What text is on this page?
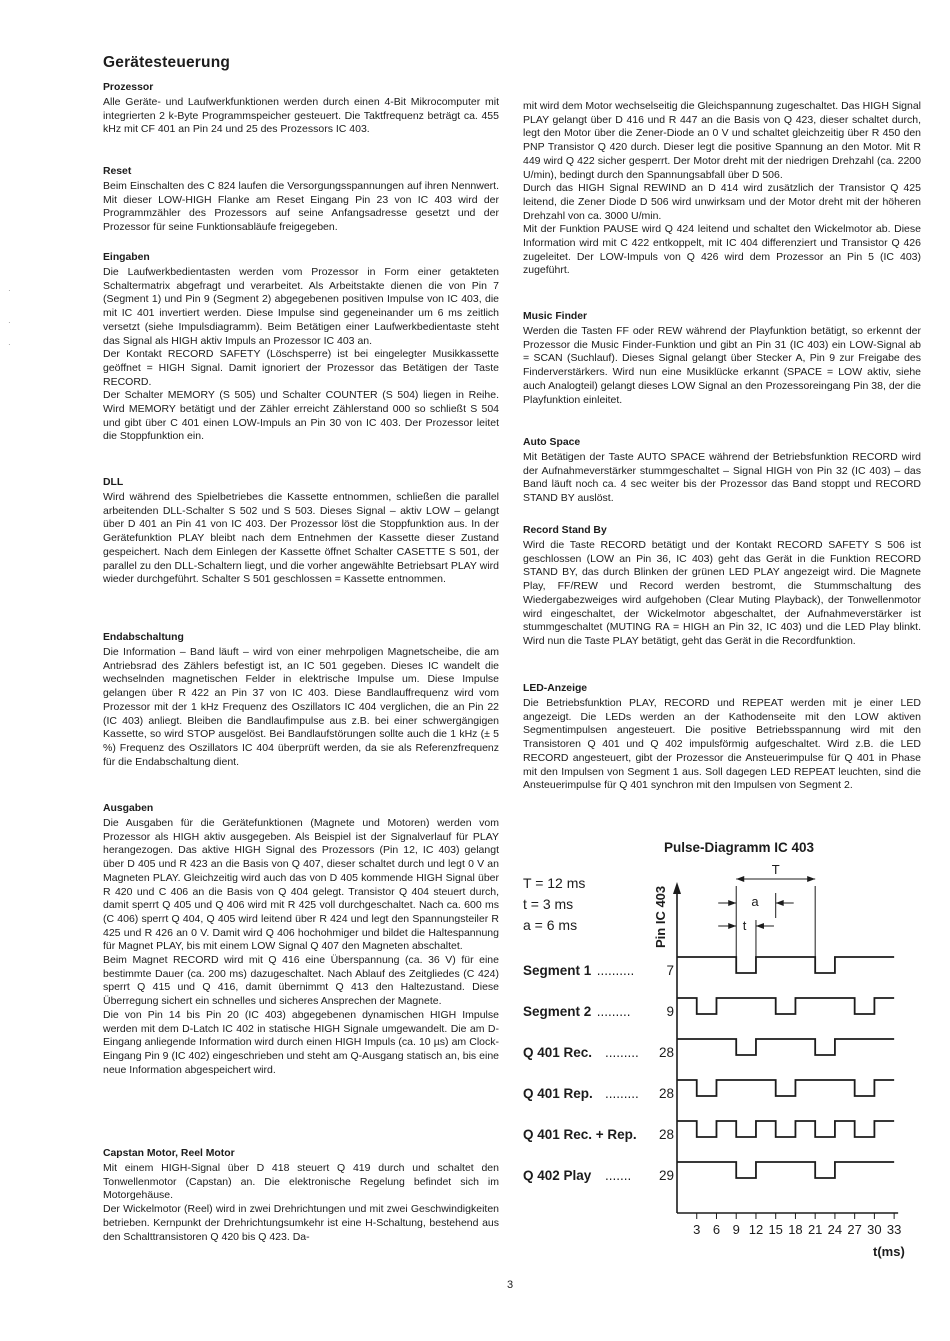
Gerätesteuerung
Prozessor

Alle Geräte- und Laufwerkfunktionen werden durch einen 4-Bit Mikrocomputer mit integrierten 2 k-Byte Programmspeicher gesteuert. Die Taktfrequenz beträgt ca. 455 kHz mit CF 401 an Pin 24 und 25 des Prozessors IC 403.

Reset

Beim Einschalten des C 824 laufen die Versorgungsspannungen auf ihren Nennwert. Mit dieser LOW-HIGH Flanke am Reset Eingang Pin 23 von IC 403 wird der Programmzähler des Prozessors auf seine Anfangsadresse gesetzt und der Prozessor für seine Funktionsabläufe freigegeben.

Eingaben

Die Laufwerkbedientasten werden vom Prozessor in Form einer getakteten Schaltermatrix abgefragt und verarbeitet. Als Arbeitstakte dienen die von Pin 7 (Segment 1) und Pin 9 (Segment 2) abgegebenen positiven Impulse von IC 403, die mit IC 401 invertiert werden. Diese Impulse sind gegeneinander um 6 ms zeitlich versetzt (siehe Impulsdiagramm). Beim Betätigen einer Laufwerkbedientaste steht das Signal als HIGH aktiv Impuls an Prozessor IC 403 an.
Der Kontakt RECORD SAFETY (Löschsperre) ist bei eingelegter Musikkassette geöffnet = HIGH Signal. Damit ignoriert der Prozessor das Betätigen der Taste RECORD.
Der Schalter MEMORY (S 505) und Schalter COUNTER (S 504) liegen in Reihe. Wird MEMORY betätigt und der Zähler erreicht Zählerstand 000 so schließt S 504 und gibt über C 401 einen LOW-Impuls an Pin 30 von IC 403. Der Prozessor leitet die Stoppfunktion ein.

DLL

Wird während des Spielbetriebes die Kassette entnommen, schließen die parallel arbeitenden DLL-Schalter S 502 und S 503. Dieses Signal – aktiv LOW – gelangt über D 401 an Pin 41 von IC 403. Der Prozessor löst die Stoppfunktion aus. In der Gerätefunktion PLAY bleibt nach dem Entnehmen der Kassette dieser Zustand gespeichert. Nach dem Einlegen der Kassette öffnet Schalter CASETTE S 501, der parallel zu den DLL-Schaltern liegt, und die vorher angewählte Betriebsart PLAY wird wieder durchgeführt. Schalter S 501 geschlossen = Kassette entnommen.

Endabschaltung

Die Information – Band läuft – wird von einer mehrpoligen Magnetscheibe, die am Antriebsrad des Zählers befestigt ist, an IC 501 gegeben. Dieses IC wandelt die wechselnden magnetischen Felder in elektrische Impulse um. Diese Impulse gelangen über R 422 an Pin 37 von IC 403. Diese Bandlauffrequenz wird vom Prozessor mit der 1 kHz Frequenz des Oszillators IC 404 verglichen, die an Pin 22 (IC 403) anliegt. Bleiben die Bandlaufimpulse aus z.B. bei einer schwergängigen Kassette, so wird STOP ausgelöst. Bei Bandlaufstörungen sollte auch die 1 kHz (± 5 %) Frequenz des Oszillators IC 404 überprüft werden, da sie als Referenzfrequenz für die Endabschaltung dient.

Ausgaben

Die Ausgaben für die Gerätefunktionen (Magnete und Motoren) werden vom Prozessor als HIGH aktiv ausgegeben. Als Beispiel ist der Signalverlauf für PLAY herangezogen. Das aktive HIGH Signal des Prozessors (Pin 12, IC 403) gelangt über D 405 und R 423 an die Basis von Q 407, dieser schaltet durch und legt 0 V an Magneten PLAY. Gleichzeitig wird auch das von D 405 kommende HIGH Signal über R 420 und C 406 an die Basis von Q 404 gelegt. Transistor Q 404 steuert durch, damit sperrt Q 405 und Q 406 wird mit R 425 voll durchgeschaltet. Nach ca. 600 ms (C 406) sperrt Q 404, Q 405 wird leitend über R 424 und legt den Spannungsteiler R 425 und R 426 an 0 V. Damit wird Q 406 hochohmiger und bildet die Haltespannung für Magnet PLAY, bis mit einem LOW Signal Q 407 den Magneten abschaltet.
Beim Magnet RECORD wird mit Q 416 eine Überspannung (ca. 36 V) für eine bestimmte Dauer (ca. 200 ms) dazugeschaltet. Nach Ablauf des Zeitgliedes (C 424) sperrt Q 415 und Q 416, damit übernimmt Q 413 den Haltezustand. Diese Überregung sichert ein schnelles und sicheres Ansprechen der Magnete.
Die von Pin 14 bis Pin 20 (IC 403) abgegebenen dynamischen HIGH Impulse werden mit dem D-Latch IC 402 in statische HIGH Signale umgewandelt. Die am D-Eingang anliegende Information wird durch einen HIGH Impuls (ca. 10 µs) am Clock-Eingang Pin 9 (IC 402) eingeschrieben und steht am Q-Ausgang statisch an, bis eine neue Information abgespeichert wird.

Capstan Motor, Reel Motor

Mit einem HIGH-Signal über D 418 steuert Q 419 durch und schaltet den Tonwellenmotor (Capstan) an. Die elektronische Regelung befindet sich im Motorgehäuse.
Der Wickelmotor (Reel) wird in zwei Drehrichtungen und mit zwei Geschwindigkeiten betrieben. Kernpunkt der Drehrichtungsumkehr ist eine H-Schaltung, bestehend aus den Schalttransistoren Q 420 bis Q 423. Da-

mit wird dem Motor wechselseitig die Gleichspannung zugeschaltet. Das HIGH Signal PLAY gelangt über D 416 und R 447 an die Basis von Q 423, dieser schaltet durch, legt den Motor über die Zener-Diode an 0 V und schaltet gleichzeitig über R 450 den PNP Transistor Q 420 durch. Dieser legt die positive Spannung an den Motor. Mit R 449 wird Q 422 sicher gesperrt. Der Motor dreht mit der niedrigen Drehzahl (ca. 2200 U/min), bedingt durch den Spannungsabfall über D 506.
Durch das HIGH Signal REWIND an D 414 wird zusätzlich der Transistor Q 425 leitend, die Zener Diode D 506 wird unwirksam und der Motor dreht mit der höheren Drehzahl von ca. 3000 U/min.
Mit der Funktion PAUSE wird Q 424 leitend und schaltet den Wickelmotor ab. Diese Information wird mit C 422 entkoppelt, mit IC 404 differenziert und Transistor Q 426 zugeleitet. Der LOW-Impuls von Q 426 wird dem Prozessor an Pin 5 (IC 403) zugeführt.

Music Finder

Werden die Tasten FF oder REW während der Playfunktion betätigt, so erkennt der Prozessor die Music Finder-Funktion und gibt an Pin 31 (IC 403) ein LOW-Signal ab = SCAN (Suchlauf). Dieses Signal gelangt über Stecker A, Pin 9 zur Freigabe des Finderverstärkers. Wird nun eine Musiklücke erkannt (SPACE = LOW aktiv, siehe auch Analogteil) gelangt dieses LOW Signal an den Prozessoreingang Pin 38, der die Playfunktion einleitet.

Auto Space

Mit Betätigen der Taste AUTO SPACE während der Betriebsfunktion RECORD wird der Aufnahmeverstärker stummgeschaltet – Signal HIGH von Pin 32 (IC 403) – das Band läuft noch ca. 4 sec weiter bis der Prozessor das Band stoppt und RECORD STAND BY auslöst.

Record Stand By

Wird die Taste RECORD betätigt und der Kontakt RECORD SAFETY S 506 ist geschlossen (LOW an Pin 36, IC 403) geht das Gerät in die Funktion RECORD STAND BY, das durch Blinken der grünen LED PLAY angezeigt wird. Die Magnete Play, FF/REW und Record werden bestromt, die Stummschaltung des Wiedergabezweiges wird aufgehoben (Clear Muting Playback), der Tonwellenmotor wird eingeschaltet, der Wickelmotor abgeschaltet, der Aufnahmeverstärker ist stummgeschaltet (MUTING RA = HIGH an Pin 32, IC 403) und die LED Play blinkt. Wird nun die Taste PLAY betätigt, geht das Gerät in die Recordfunktion.

LED-Anzeige

Die Betriebsfunktion PLAY, RECORD und REPEAT werden mit je einer LED angezeigt. Die LEDs werden an der Kathodenseite mit den LOW aktiven Segmentimpulsen angesteuert. Die positive Betriebsspannung wird mit den Transistoren Q 401 und Q 402 impulsförmig aufgeschaltet. Wird z.B. die LED RECORD angesteuert, gibt der Prozessor die Ansteuerimpulse für Q 401 in Phase mit den Impulsen von Segment 1 aus. Soll dagegen LED REPEAT leuchten, sind die Ansteuerimpulse für Q 401 synchron mit den Impulsen von Segment 2.

·
·
·
Pulse-Diagramm IC 403
T = 12 ms
t = 3 ms
a = 6 ms	Pin IC 403
T
a
t
Segment 1 .......... 7
Segment 2 .........	9
Q 401 Rec. ......... 28
Q 401 Rep. ......... 28
Q 401 Rec. + Rep. 28
Q 402 Play ....... 29
3 6 9 12 15 18 21 24 27 30 33
t(ms)
3
